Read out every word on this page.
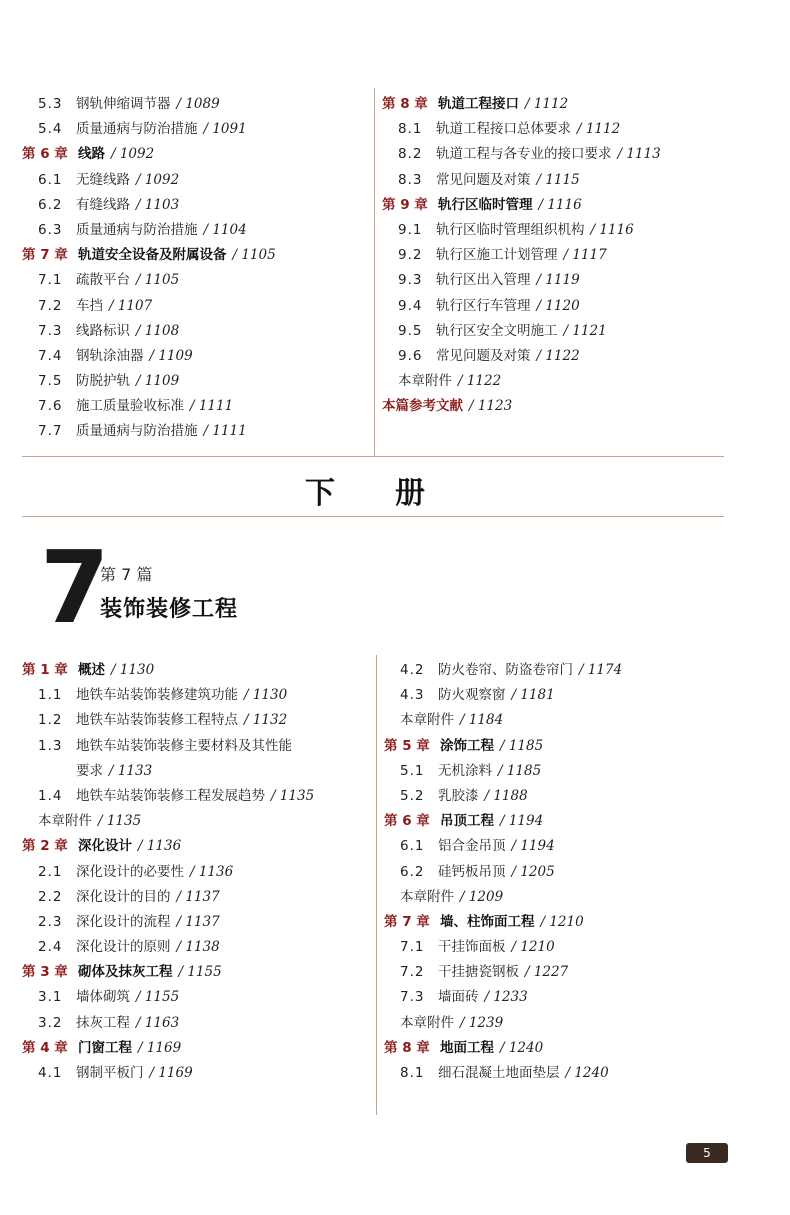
5.3 钢轨伸缩调节器 / 1089
5.4 质量通病与防治措施 / 1091
第 6 章 线路 / 1092
6.1 无缝线路 / 1092
6.2 有缝线路 / 1103
6.3 质量通病与防治措施 / 1104
第 7 章 轨道安全设备及附属设备 / 1105
7.1 疏散平台 / 1105
7.2 车挡 / 1107
7.3 线路标识 / 1108
7.4 钢轨涂油器 / 1109
7.5 防脱护轨 / 1109
7.6 施工质量验收标准 / 1111
7.7 质量通病与防治措施 / 1111
第 8 章 轨道工程接口 / 1112
8.1 轨道工程接口总体要求 / 1112
8.2 轨道工程与各专业的接口要求 / 1113
8.3 常见问题及对策 / 1115
第 9 章 轨行区临时管理 / 1116
9.1 轨行区临时管理组织机构 / 1116
9.2 轨行区施工计划管理 / 1117
9.3 轨行区出入管理 / 1119
9.4 轨行区行车管理 / 1120
9.5 轨行区安全文明施工 / 1121
9.6 常见问题及对策 / 1122
本章附件 / 1122
本篇参考文献 / 1123
下册
7
第 7 篇
装饰装修工程
第 1 章 概述 / 1130
1.1 地铁车站装饰装修建筑功能 / 1130
1.2 地铁车站装饰装修工程特点 / 1132
1.3 地铁车站装饰装修主要材料及其性能
要求 / 1133
1.4 地铁车站装饰装修工程发展趋势 / 1135
本章附件 / 1135
第 2 章 深化设计 / 1136
2.1 深化设计的必要性 / 1136
2.2 深化设计的目的 / 1137
2.3 深化设计的流程 / 1137
2.4 深化设计的原则 / 1138
第 3 章 砌体及抹灰工程 / 1155
3.1 墙体砌筑 / 1155
3.2 抹灰工程 / 1163
第 4 章 门窗工程 / 1169
4.1 钢制平板门 / 1169
4.2 防火卷帘、防盗卷帘门 / 1174
4.3 防火观察窗 / 1181
本章附件 / 1184
第 5 章 涂饰工程 / 1185
5.1 无机涂料 / 1185
5.2 乳胶漆 / 1188
第 6 章 吊顶工程 / 1194
6.1 铝合金吊顶 / 1194
6.2 硅钙板吊顶 / 1205
本章附件 / 1209
第 7 章 墙、柱饰面工程 / 1210
7.1 干挂饰面板 / 1210
7.2 干挂搪瓷钢板 / 1227
7.3 墙面砖 / 1233
本章附件 / 1239
第 8 章 地面工程 / 1240
8.1 细石混凝土地面垫层 / 1240
5
